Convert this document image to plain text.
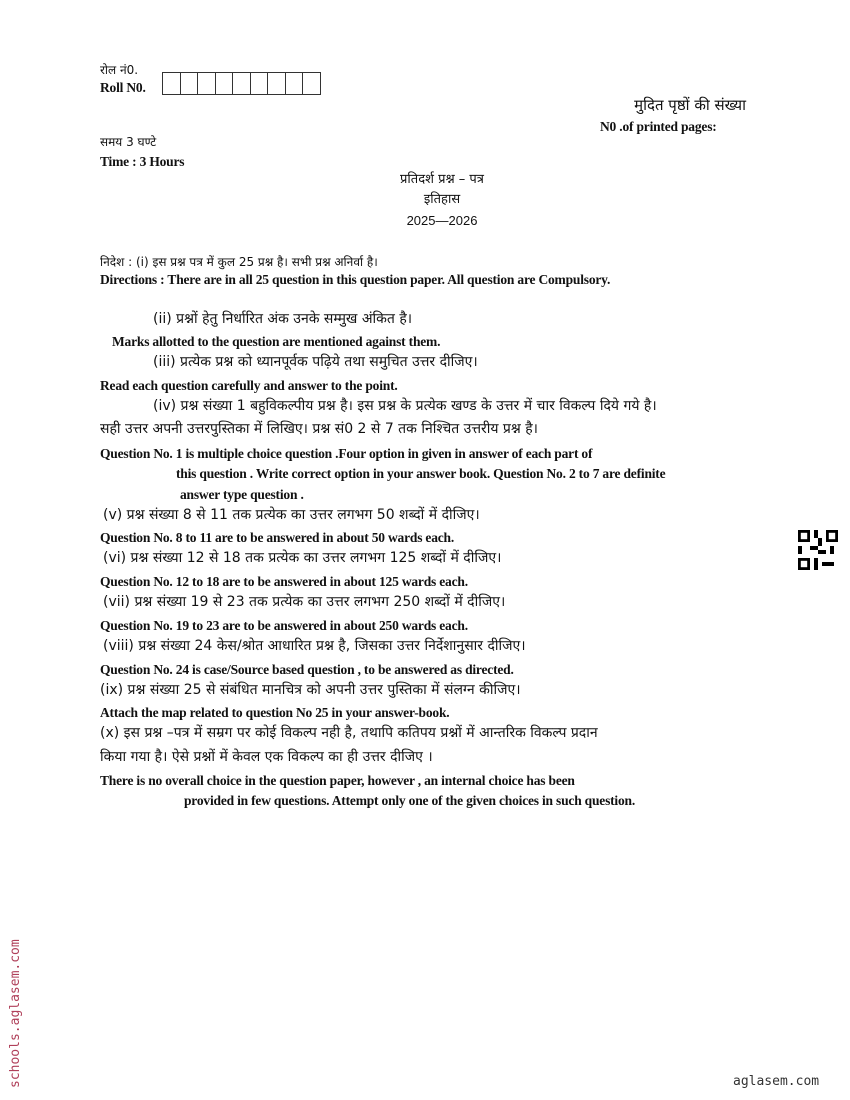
रोल नं0.
Roll N0.
मुदित पृष्ठों की संख्या
N0 .of printed pages:
समय 3 घण्टे
Time : 3 Hours
प्रतिदर्श प्रश्न – पत्र
इतिहास
2025—2026
निदेश : (i) इस प्रश्न पत्र में कुल 25 प्रश्न है। सभी प्रश्न अनिर्वा है।
Directions : There are in all 25 question in this question paper. All question are Compulsory.
(ii) प्रश्नों हेतु निर्धारित अंक उनके सम्मुख अंकित है।
Marks allotted to the question are mentioned against them.
(iii) प्रत्येक प्रश्न को ध्यानपूर्वक पढ़िये तथा समुचित उत्तर दीजिए।
Read each question carefully and answer to the point.
(iv) प्रश्न संख्या 1 बहुविकल्पीय प्रश्न है। इस प्रश्न के प्रत्येक खण्ड के उत्तर में चार विकल्प दिये गये है।
सही उत्तर अपनी उत्तरपुस्तिका में लिखिए। प्रश्न सं0 2 से 7 तक निश्चित उत्तरीय प्रश्न है।
Question No. 1 is multiple choice question .Four option in given in answer of each part of
this question . Write correct option in your answer book. Question No. 2 to 7 are definite
answer type question .
(v) प्रश्न संख्या 8 से 11 तक प्रत्येक का उत्तर लगभग 50 शब्दों में दीजिए।
Question No. 8 to 11 are to be answered in about 50 wards each.
(vi) प्रश्न संख्या 12 से 18 तक प्रत्येक का उत्तर लगभग 125 शब्दों में दीजिए।
Question No. 12 to 18 are to be answered in about 125 wards each.
(vii) प्रश्न संख्या 19 से 23 तक प्रत्येक का उत्तर लगभग 250 शब्दों में दीजिए।
Question No. 19 to 23 are to be answered in about 250 wards each.
(viii) प्रश्न संख्या 24 केस/श्रोत आधारित प्रश्न है, जिसका उत्तर निर्देशानुसार दीजिए।
Question No. 24 is case/Source based question , to be answered as directed.
(ix) प्रश्न संख्या 25 से संबंधित मानचित्र को अपनी उत्तर पुस्तिका में संलग्न कीजिए।
Attach the map related to question No 25 in your answer-book.
(x) इस प्रश्न –पत्र में सम्रग पर कोई विकल्प नही है, तथापि कतिपय प्रश्नों में आन्तरिक विकल्प प्रदान
किया गया है। ऐसे प्रश्नों में केवल एक विकल्प का ही उत्तर दीजिए ।
There is no overall choice in the question paper, however , an internal choice has been
provided in few questions. Attempt only one of the given choices in such question.
schools.aglasem.com	aglasem.com
